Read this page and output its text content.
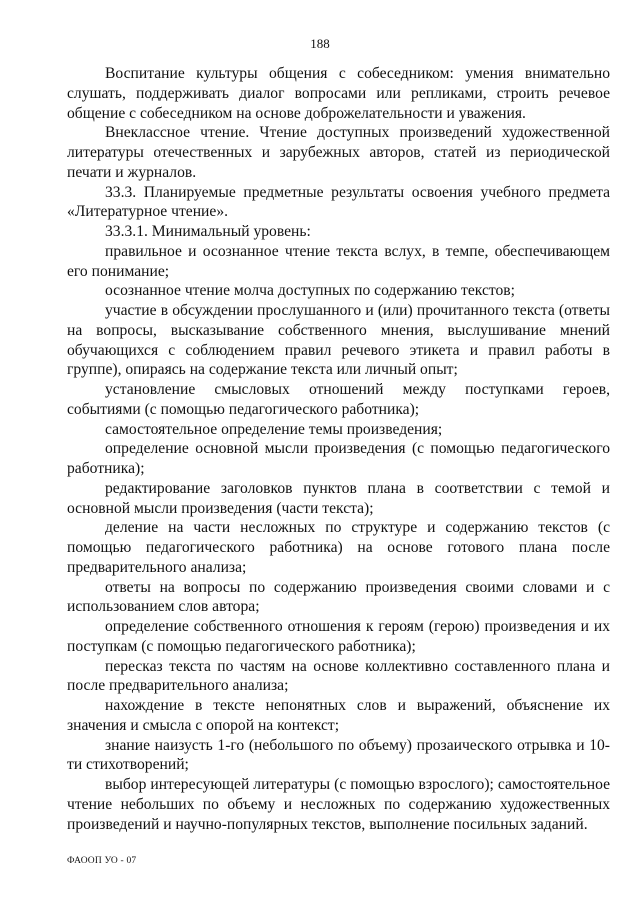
188

Воспитание культуры общения с собеседником: умения внимательно слушать, поддерживать диалог вопросами или репликами, строить речевое общение с собеседником на основе доброжелательности и уважения.

Внеклассное чтение. Чтение доступных произведений художественной литературы отечественных и зарубежных авторов, статей из периодической печати и журналов.

33.3. Планируемые предметные результаты освоения учебного предмета «Литературное чтение».

33.3.1. Минимальный уровень:

правильное и осознанное чтение текста вслух, в темпе, обеспечивающем его понимание;

осознанное чтение молча доступных по содержанию текстов;

участие в обсуждении прослушанного и (или) прочитанного текста (ответы на вопросы, высказывание собственного мнения, выслушивание мнений обучающихся с соблюдением правил речевого этикета и правил работы в группе), опираясь на содержание текста или личный опыт;

установление смысловых отношений между поступками героев, событиями (с помощью педагогического работника);

самостоятельное определение темы произведения;

определение основной мысли произведения (с помощью педагогического работника);

редактирование заголовков пунктов плана в соответствии с темой и основной мысли произведения (части текста);

деление на части несложных по структуре и содержанию текстов (с помощью педагогического работника) на основе готового плана после предварительного анализа;

ответы на вопросы по содержанию произведения своими словами и с использованием слов автора;

определение собственного отношения к героям (герою) произведения и их поступкам (с помощью педагогического работника);

пересказ текста по частям на основе коллективно составленного плана и после предварительного анализа;

нахождение в тексте непонятных слов и выражений, объяснение их значения и смысла с опорой на контекст;

знание наизусть 1-го (небольшого по объему) прозаического отрывка и 10-ти стихотворений;

выбор интересующей литературы (с помощью взрослого); самостоятельное чтение небольших по объему и несложных по содержанию художественных произведений и научно-популярных текстов, выполнение посильных заданий.

ФАООП УО - 07
